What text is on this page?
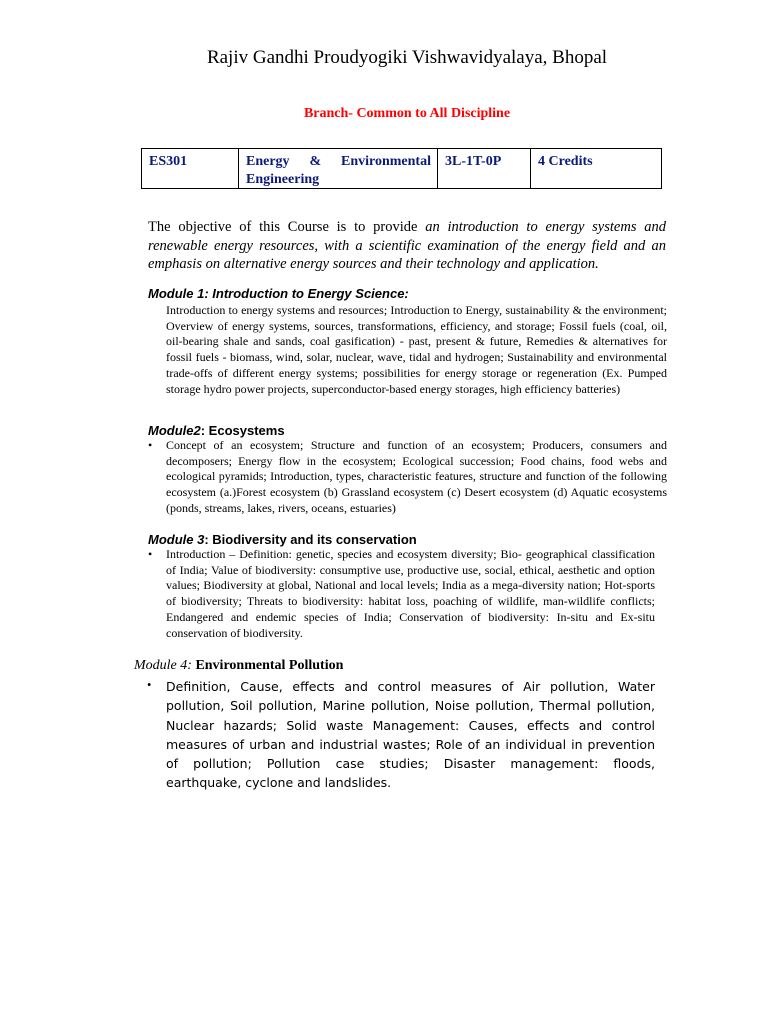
Rajiv Gandhi Proudyogiki Vishwavidyalaya, Bhopal
Branch- Common to All Discipline
ES301	Energy & Environmental Engineering
3L-1T-0P	4 Credits
The objective of this Course is to provide an introduction to energy systems and renewable energy resources, with a scientific examination of the energy field and an emphasis on alternative energy sources and their technology and application.
Module 1: Introduction to Energy Science:
Introduction to energy systems and resources; Introduction to Energy, sustainability & the environment; Overview of energy systems, sources, transformations, efficiency, and storage; Fossil fuels (coal, oil, oil-bearing shale and sands, coal gasification) - past, present & future, Remedies & alternatives for fossil fuels - biomass, wind, solar, nuclear, wave, tidal and hydrogen; Sustainability and environmental trade-offs of different energy systems; possibilities for energy storage or regeneration (Ex. Pumped storage hydro power projects, superconductor-based energy storages, high efficiency batteries)
Module2: Ecosystems
• Concept of an ecosystem; Structure and function of an ecosystem; Producers, consumers and decomposers; Energy flow in the ecosystem; Ecological succession; Food chains, food webs and ecological pyramids; Introduction, types, characteristic features, structure and function of the following ecosystem (a.)Forest ecosystem (b) Grassland ecosystem (c) Desert ecosystem (d) Aquatic ecosystems (ponds, streams, lakes, rivers, oceans, estuaries)
Module 3: Biodiversity and its conservation
• Introduction – Definition: genetic, species and ecosystem diversity; Bio- geographical classification of India; Value of biodiversity: consumptive use, productive use, social, ethical, aesthetic and option values; Biodiversity at global, National and local levels; India as a mega-diversity nation; Hot-sports of biodiversity; Threats to biodiversity: habitat loss, poaching of wildlife, man-wildlife conflicts; Endangered and endemic species of India; Conservation of biodiversity: In-situ and Ex-situ conservation of biodiversity.
Module 4: Environmental Pollution
• Definition, Cause, effects and control measures of Air pollution, Water pollution, Soil pollution, Marine pollution, Noise pollution, Thermal pollution, Nuclear hazards; Solid waste Management: Causes, effects and control measures of urban and industrial wastes; Role of an individual in prevention of pollution; Pollution case studies; Disaster management: floods, earthquake, cyclone and landslides.
